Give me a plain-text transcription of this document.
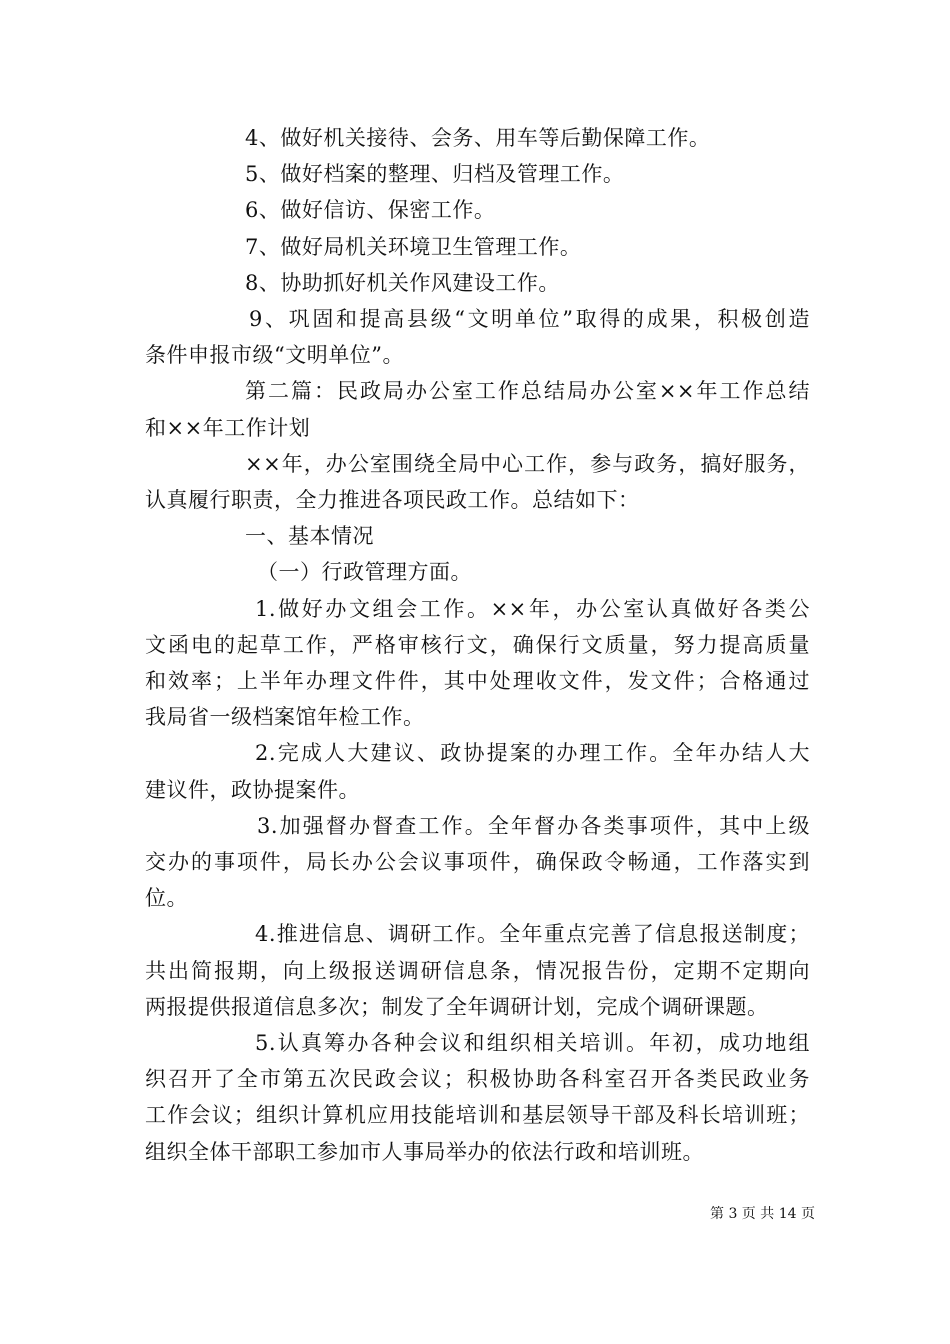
4、做好机关接待、会务、用车等后勤保障工作。
5、做好档案的整理、归档及管理工作。
6、做好信访、保密工作。
7、做好局机关环境卫生管理工作。
8、协助抓好机关作风建设工作。
9、巩固和提高县级“文明单位”取得的成果，积极创造
条件申报市级“文明单位”。
第二篇：民政局办公室工作总结局办公室××年工作总结
和××年工作计划
××年，办公室围绕全局中心工作，参与政务，搞好服务，
认真履行职责，全力推进各项民政工作。总结如下：
一、基本情况
（一）行政管理方面。
1.做好办文组会工作。××年，办公室认真做好各类公
文函电的起草工作，严格审核行文，确保行文质量，努力提高质量
和效率；上半年办理文件件，其中处理收文件，发文件；合格通过
我局省一级档案馆年检工作。
2.完成人大建议、政协提案的办理工作。全年办结人大
建议件，政协提案件。
3.加强督办督查工作。全年督办各类事项件，其中上级
交办的事项件，局长办公会议事项件，确保政令畅通，工作落实到
位。
4.推进信息、调研工作。全年重点完善了信息报送制度；
共出简报期，向上级报送调研信息条，情况报告份，定期不定期向
两报提供报道信息多次；制发了全年调研计划，完成个调研课题。
5.认真筹办各种会议和组织相关培训。年初，成功地组
织召开了全市第五次民政会议；积极协助各科室召开各类民政业务
工作会议；组织计算机应用技能培训和基层领导干部及科长培训班；
组织全体干部职工参加市人事局举办的依法行政和培训班。
第 3 页 共 14 页
